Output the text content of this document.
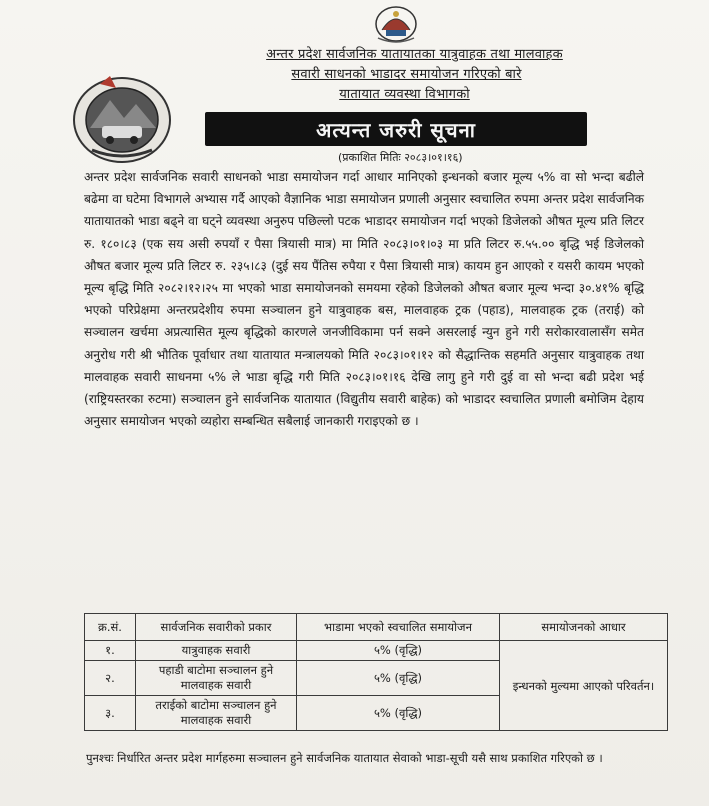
अन्तर प्रदेश सार्वजनिक यातायातका यात्रुवाहक तथा मालवाहक
सवारी साधनको भाडादर समायोजन गरिएको बारे
यातायात व्यवस्था विभागको
अत्यन्त जरुरी सूचना
(प्रकाशित मितिः २०८३।०१।१६)
अन्तर प्रदेश सार्वजनिक सवारी साधनको भाडा समायोजन गर्दा आधार मानिएको इन्धनको बजार मूल्य ५% वा सो भन्दा बढीले बढेमा वा घटेमा विभागले अभ्यास गर्दै आएको वैज्ञानिक भाडा समायोजन प्रणाली अनुसार स्वचालित रुपमा अन्तर प्रदेश सार्वजनिक यातायातको भाडा बढ्ने वा घट्ने व्यवस्था अनुरुप पछिल्लो पटक भाडादर समायोजन गर्दा भएको डिजेलको औषत मूल्य प्रति लिटर रु. १८०।८३ (एक सय असी रुपयाँ र पैसा त्रियासी मात्र) मा मिति २०८३।०१।०३ मा प्रति लिटर रु.५५.०० बृद्धि भई डिजेलको औषत बजार मूल्य प्रति लिटर रु. २३५।८३ (दुई सय पैंतिस रुपैया र पैसा त्रियासी मात्र) कायम हुन आएको र यसरी कायम भएको मूल्य बृद्धि मिति २०८२।१२।२५ मा भएको भाडा समायोजनको समयमा रहेको डिजेलको औषत बजार मूल्य भन्दा ३०.४१% बृद्धि भएको परिप्रेक्षमा अन्तरप्रदेशीय रुपमा सञ्चालन हुने यात्रुवाहक बस, मालवाहक ट्रक (पहाड), मालवाहक ट्रक (तराई) को सञ्चालन खर्चमा अप्रत्यासित मूल्य बृद्धिको कारणले जनजीविकामा पर्न सक्ने असरलाई न्युन हुने गरी सरोकारवालासँग समेत अनुरोध गरी श्री भौतिक पूर्वाधार तथा यातायात मन्त्रालयको मिति २०८३।०१।१२ को सैद्धान्तिक सहमति अनुसार यात्रुवाहक तथा मालवाहक सवारी साधनमा ५% ले भाडा बृद्धि गरी मिति २०८३।०१।१६ देखि लागु हुने गरी दुई वा सो भन्दा बढी प्रदेश भई (राष्ट्रियस्तरका रुटमा) सञ्चालन हुने सार्वजनिक यातायात (विद्युतीय सवारी बाहेक) को भाडादर स्वचालित प्रणाली बमोजिम देहाय अनुसार समायोजन भएको व्यहोरा सम्बन्धित सबैलाई जानकारी गराइएको छ ।
क्र.सं.	सार्वजनिक सवारीको प्रकार	भाडामा भएको स्वचालित समायोजन	समायोजनको आधार
१.	यात्रुवाहक सवारी	५% (वृद्धि)	इन्धनको मुल्यमा आएको परिवर्तन।
२.	पहाडी बाटोमा सञ्चालन हुने मालवाहक सवारी	५% (वृद्धि)	
३.	तराईको बाटोमा सञ्चालन हुने मालवाहक सवारी	५% (वृद्धि)	
पुनश्चः निर्धारित अन्तर प्रदेश मार्गहरुमा सञ्चालन हुने सार्वजनिक यातायात सेवाको भाडा-सूची यसै साथ प्रकाशित गरिएको छ ।
